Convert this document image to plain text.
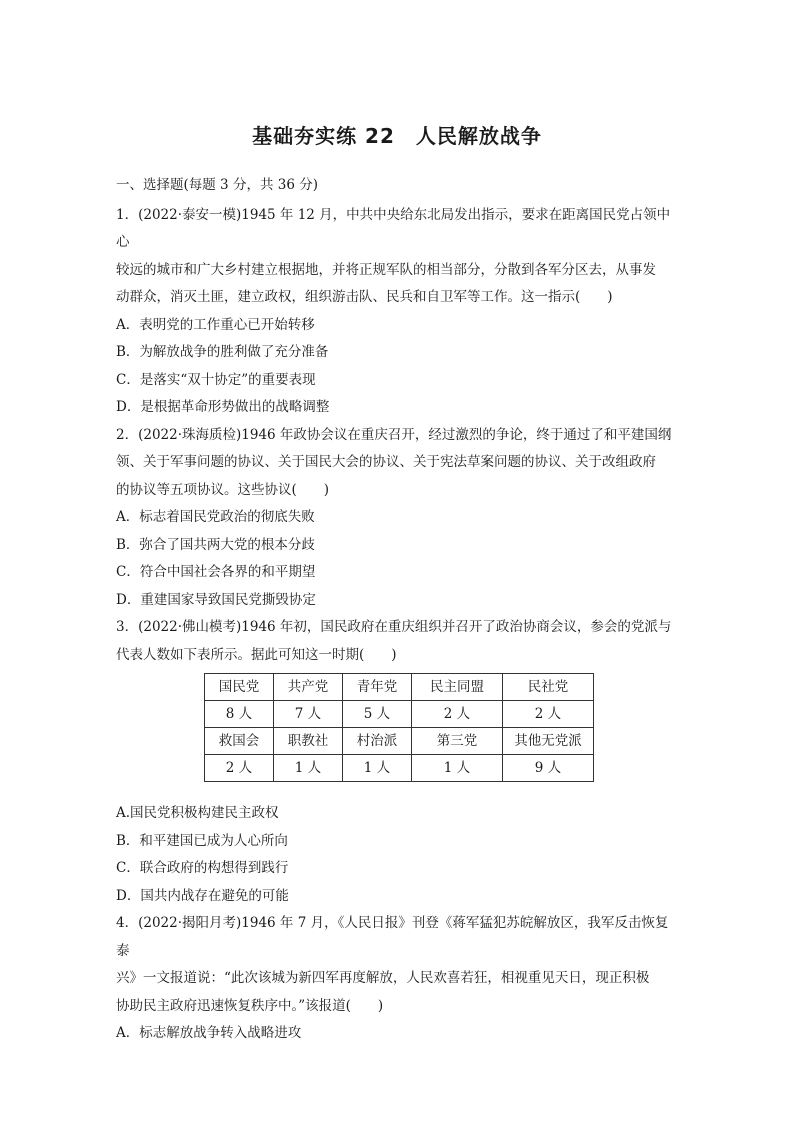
基础夯实练 22　人民解放战争
一、选择题(每题 3 分，共 36 分)
1．(2022·泰安一模)1945 年 12 月，中共中央给东北局发出指示，要求在距离国民党占领中心
较远的城市和广大乡村建立根据地，并将正规军队的相当部分，分散到各军分区去，从事发
动群众，消灭土匪，建立政权，组织游击队、民兵和自卫军等工作。这一指示(　　)
A．表明党的工作重心已开始转移
B．为解放战争的胜利做了充分准备
C．是落实“双十协定”的重要表现
D．是根据革命形势做出的战略调整
2．(2022·珠海质检)1946 年政协会议在重庆召开，经过激烈的争论，终于通过了和平建国纲
领、关于军事问题的协议、关于国民大会的协议、关于宪法草案问题的协议、关于改组政府
的协议等五项协议。这些协议(　　)
A．标志着国民党政治的彻底失败
B．弥合了国共两大党的根本分歧
C．符合中国社会各界的和平期望
D．重建国家导致国民党撕毁协定
3．(2022·佛山模考)1946 年初，国民政府在重庆组织并召开了政治协商会议，参会的党派与
代表人数如下表所示。据此可知这一时期(　　)
国民党	共产党	青年党	民主同盟	民社党
8 人	7 人	5 人	2 人	2 人
救国会	职教社	村治派	第三党	其他无党派
2 人	1 人	1 人	1 人	9 人
A.国民党积极构建民主政权
B．和平建国已成为人心所向
C．联合政府的构想得到践行
D．国共内战存在避免的可能
4．(2022·揭阳月考)1946 年 7 月，《人民日报》刊登《蒋军猛犯苏皖解放区，我军反击恢复泰
兴》一文报道说：“此次该城为新四军再度解放，人民欢喜若狂，相视重见天日，现正积极
协助民主政府迅速恢复秩序中。”该报道(　　)
A．标志解放战争转入战略进攻
